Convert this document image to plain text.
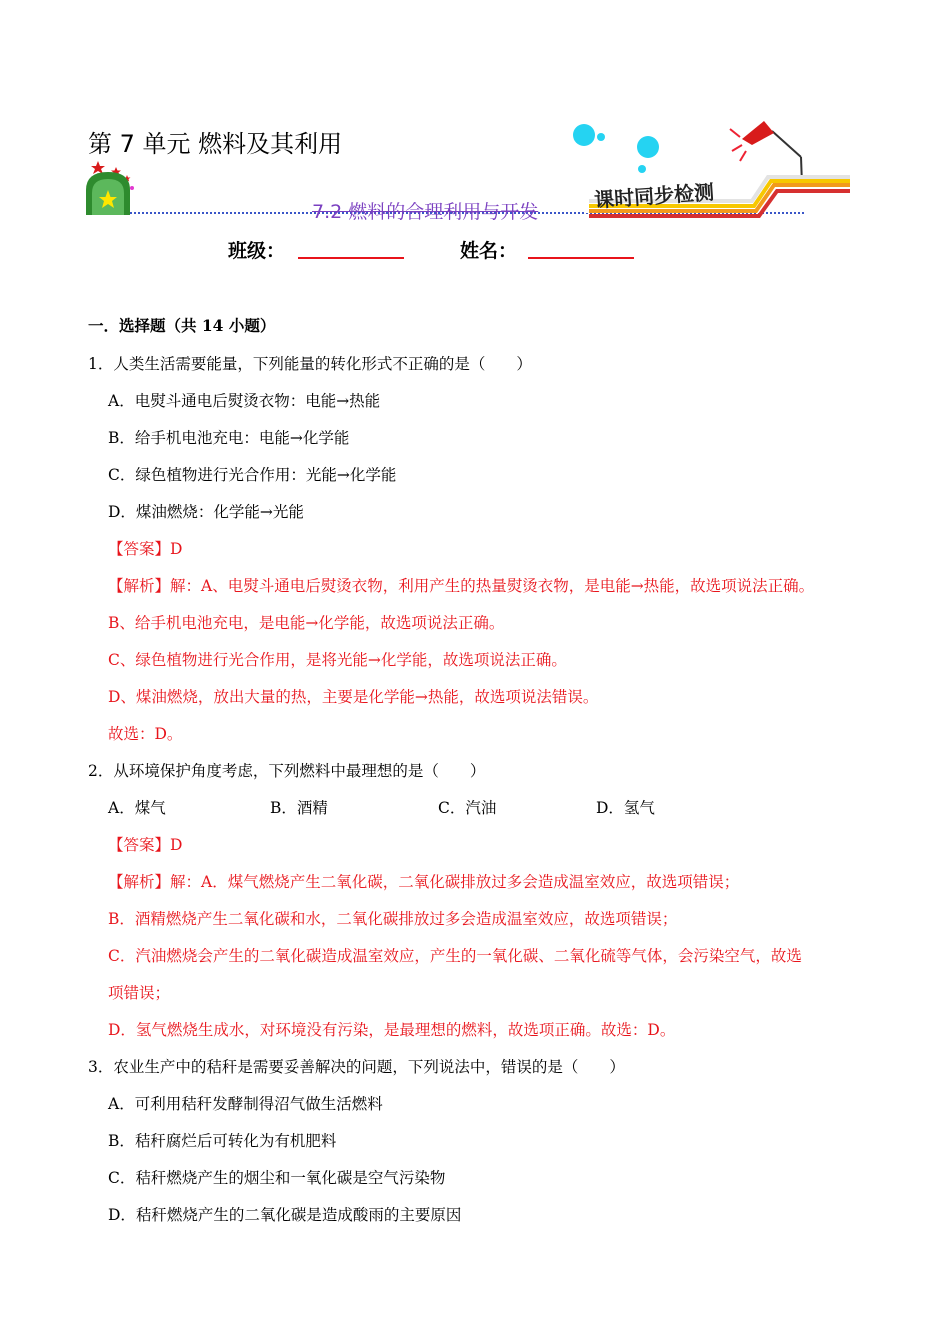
第 7 单元 燃料及其利用
课时同步检测
7.2 燃料的合理利用与开发
班级：	姓名：
一．选择题（共 14 小题）
1．人类生活需要能量，下列能量的转化形式不正确的是（　　）
A．电熨斗通电后熨烫衣物：电能→热能
B．给手机电池充电：电能→化学能
C．绿色植物进行光合作用：光能→化学能
D．煤油燃烧：化学能→光能
【答案】D
【解析】解：A、电熨斗通电后熨烫衣物，利用产生的热量熨烫衣物，是电能→热能，故选项说法正确。
B、给手机电池充电，是电能→化学能，故选项说法正确。
C、绿色植物进行光合作用，是将光能→化学能，故选项说法正确。
D、煤油燃烧，放出大量的热，主要是化学能→热能，故选项说法错误。
故选：D。
2．从环境保护角度考虑，下列燃料中最理想的是（　　）
A．煤气	B．酒精	C．汽油	D．氢气
【答案】D
【解析】解：A．煤气燃烧产生二氧化碳，二氧化碳排放过多会造成温室效应，故选项错误；
B．酒精燃烧产生二氧化碳和水，二氧化碳排放过多会造成温室效应，故选项错误；
C．汽油燃烧会产生的二氧化碳造成温室效应，产生的一氧化碳、二氧化硫等气体，会污染空气，故选
项错误；
D．氢气燃烧生成水，对环境没有污染，是最理想的燃料，故选项正确。故选：D。
3．农业生产中的秸秆是需要妥善解决的问题，下列说法中，错误的是（　　）
A．可利用秸秆发酵制得沼气做生活燃料
B．秸秆腐烂后可转化为有机肥料
C．秸秆燃烧产生的烟尘和一氧化碳是空气污染物
D．秸秆燃烧产生的二氧化碳是造成酸雨的主要原因
